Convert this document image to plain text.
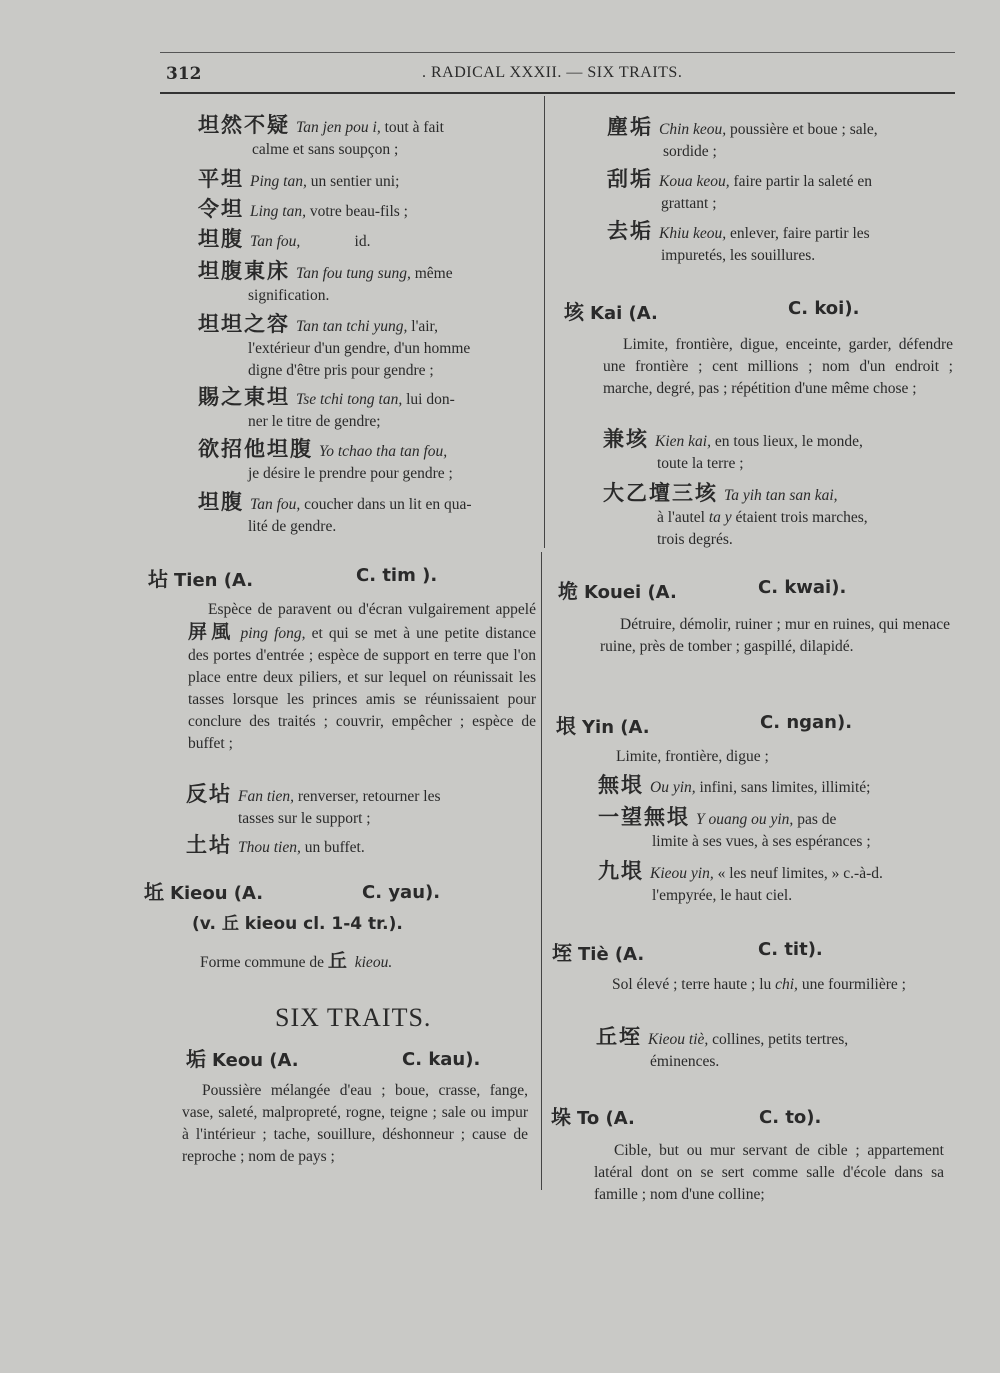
312	. RADICAL XXXII. — SIX TRAITS.
坦然不疑 Tan jen pou i, tout à fait
calme et sans soupçon ;
平坦 Ping tan, un sentier uni;
令坦 Ling tan, votre beau-fils ;
坦腹 Tan fou,              id.
坦腹東床 Tan fou tung sung, même
signification.
坦坦之容 Tan tan tchi yung, l'air,
l'extérieur d'un gendre, d'un homme
digne d'être pris pour gendre ;
賜之東坦 Tse tchi tong tan, lui don-
ner le titre de gendre;
欲招他坦腹 Yo tchao tha tan fou,
je désire le prendre pour gendre ;
坦腹 Tan fou, coucher dans un lit en qua-
lité de gendre.
坫 Tien (A.	C. tim ).
Espèce de paravent ou d'écran vulgairement appelé 屏風 ping fong, et qui se met à une petite distance des portes d'entrée ; espèce de support en terre que l'on place entre deux piliers, et sur lequel on réunissait les tasses lorsque les princes amis se réunissaient pour conclure des traités ; couvrir, empêcher ; espèce de buffet ;
反坫 Fan tien, renverser, retourner les
tasses sur le support ;
土坫 Thou tien, un buffet.
坵 Kieou (A.	C. yau).
(v. 丘 kieou cl. 1-4 tr.).
Forme commune de 丘 kieou.
SIX TRAITS.
垢 Keou (A.	C. kau).
Poussière mélangée d'eau ; boue, crasse, fange, vase, saleté, malpropreté, rogne, teigne ; sale ou impur à l'intérieur ; tache, souillure, déshonneur ; cause de reproche ; nom de pays ;
塵垢 Chin keou, poussière et boue ; sale,
sordide ;
刮垢 Koua keou, faire partir la saleté en
grattant ;
去垢 Khiu keou, enlever, faire partir les
impuretés, les souillures.
垓 Kai (A.	C. koi).
Limite, frontière, digue, enceinte, garder, défendre une frontière ; cent millions ; nom d'un endroit ; marche, degré, pas ; répétition d'une même chose ;
兼垓 Kien kai, en tous lieux, le monde,
toute la terre ;
大乙壇三垓 Ta yih tan san kai,
à l'autel ta y étaient trois marches,
trois degrés.
垝 Kouei (A.	C. kwai).
Détruire, démolir, ruiner ; mur en ruines, qui menace ruine, près de tomber ; gaspillé, dilapidé.
垠 Yin (A.	C. ngan).
Limite, frontière, digue ;
無垠 Ou yin, infini, sans limites, illimité;
一望無垠 Y ouang ou yin, pas de
limite à ses vues, à ses espérances ;
九垠 Kieou yin, « les neuf limites, » c.-à-d.
l'empyrée, le haut ciel.
垤 Tiè (A.	C. tit).
Sol élevé ; terre haute ; lu chi, une fourmilière ;
丘垤 Kieou tiè, collines, petits tertres,
éminences.
垛 To (A.	C. to).
Cible, but ou mur servant de cible ; appartement latéral dont on se sert comme salle d'école dans sa famille ; nom d'une colline;
